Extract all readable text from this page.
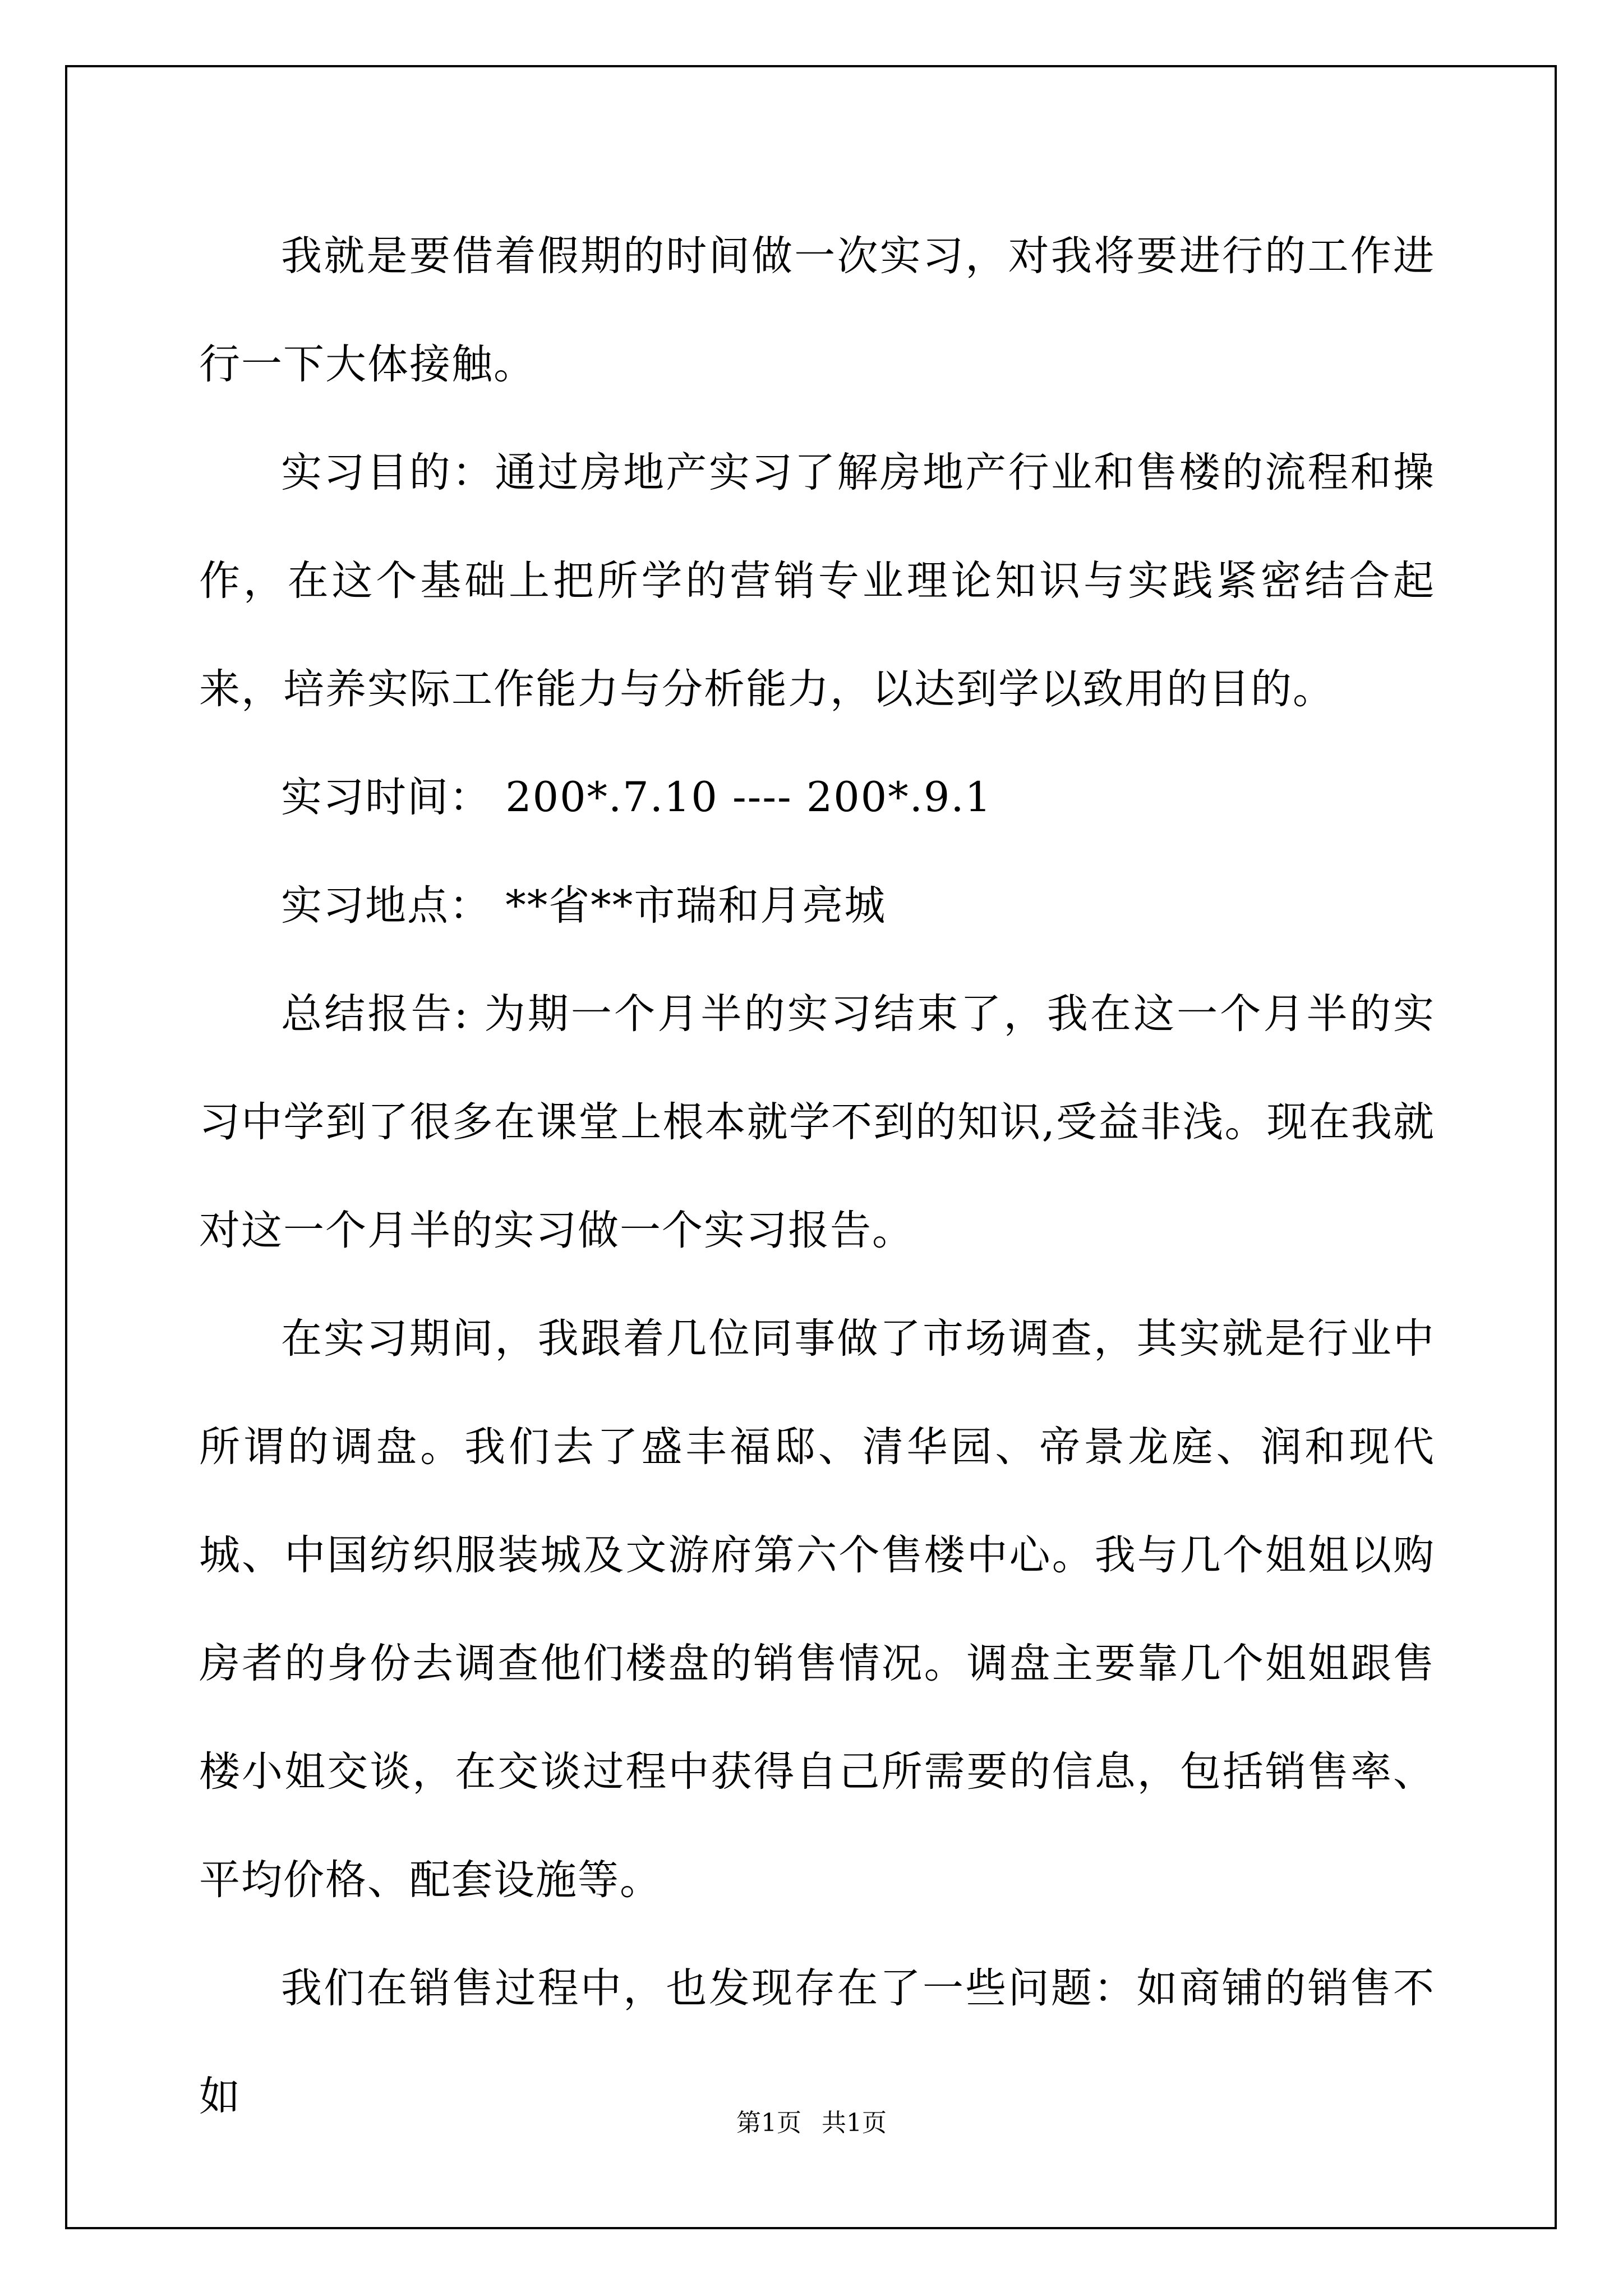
我就是要借着假期的时间做一次实习，对我将要进行的工作进行一下大体接触。

实习目的：通过房地产实习了解房地产行业和售楼的流程和操作，在这个基础上把所学的营销专业理论知识与实践紧密结合起来，培养实际工作能力与分析能力，以达到学以致用的目的。

实习时间： 200*.7.10 ---- 200*.9.1

实习地点： **省**市瑞和月亮城

总结报告: 为期一个月半的实习结束了，我在这一个月半的实习中学到了很多在课堂上根本就学不到的知识,受益非浅。现在我就对这一个月半的实习做一个实习报告。

在实习期间，我跟着几位同事做了市场调查，其实就是行业中所谓的调盘。我们去了盛丰福邸、清华园、帝景龙庭、润和现代城、中国纺织服装城及文游府第六个售楼中心。我与几个姐姐以购房者的身份去调查他们楼盘的销售情况。调盘主要靠几个姐姐跟售楼小姐交谈，在交谈过程中获得自己所需要的信息，包括销售率、平均价格、配套设施等。

我们在销售过程中，也发现存在了一些问题：如商铺的销售不如

第1页 共1页
